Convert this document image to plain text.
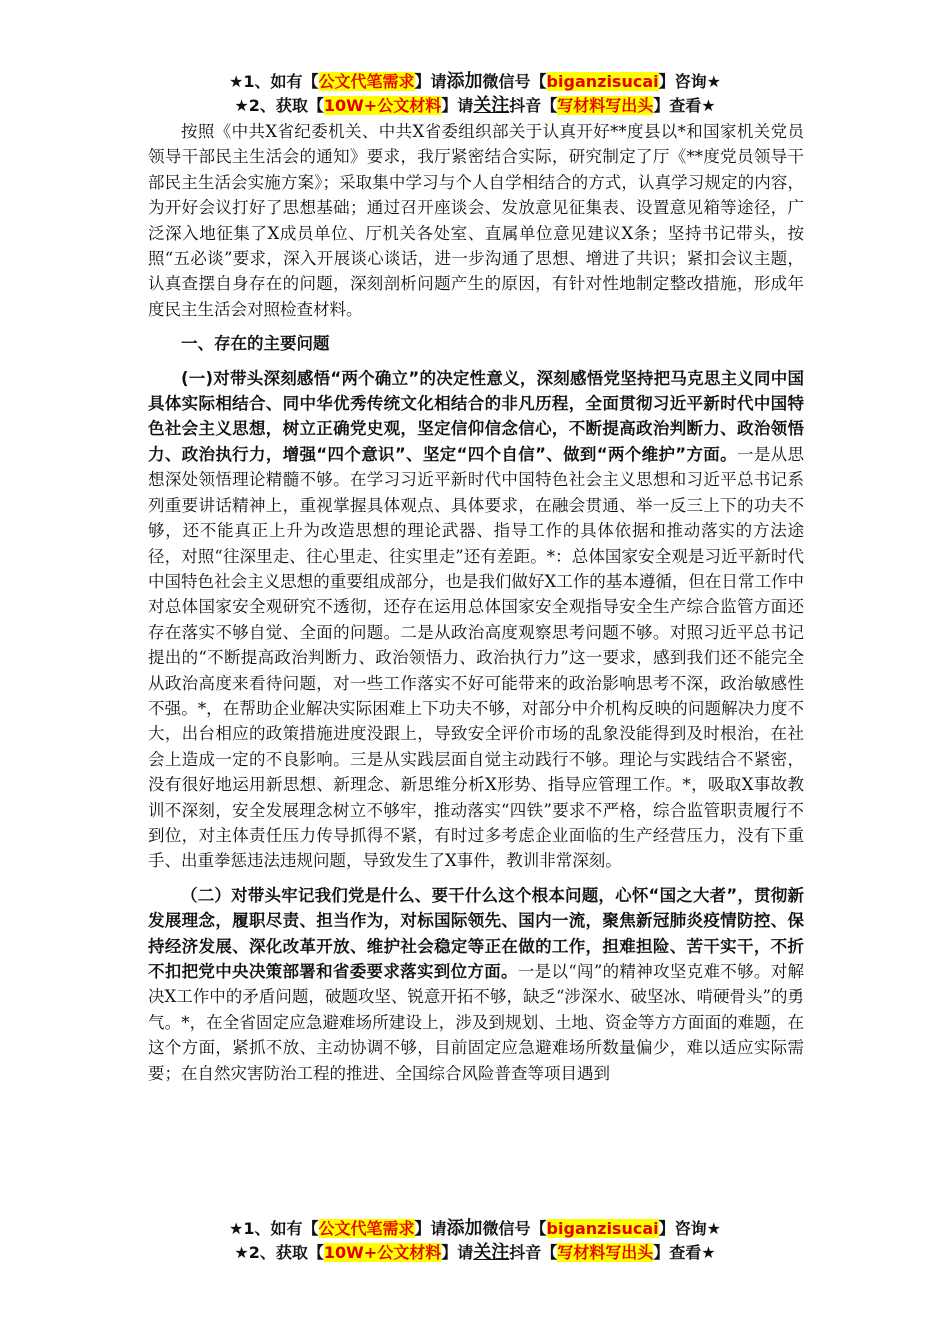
★1、如有【公文代笔需求】请添加微信号【biganzisucai】咨询★
★2、获取【10W+公文材料】请关注抖音【写材料写出头】查看★

按照《中共X省纪委机关、中共X省委组织部关于认真开好**度县以*和国家机关党员领导干部民主生活会的通知》要求，我厅紧密结合实际，研究制定了厅《**度党员领导干部民主生活会实施方案》；采取集中学习与个人自学相结合的方式，认真学习规定的内容，为开好会议打好了思想基础；通过召开座谈会、发放意见征集表、设置意见箱等途径，广泛深入地征集了X成员单位、厅机关各处室、直属单位意见建议X条；坚持书记带头，按照“五必谈”要求，深入开展谈心谈话，进一步沟通了思想、增进了共识；紧扣会议主题，认真查摆自身存在的问题，深刻剖析问题产生的原因，有针对性地制定整改措施，形成年度民主生活会对照检查材料。

一、存在的主要问题

(一)对带头深刻感悟“两个确立”的决定性意义，深刻感悟党坚持把马克思主义同中国具体实际相结合、同中华优秀传统文化相结合的非凡历程，全面贯彻习近平新时代中国特色社会主义思想，树立正确党史观，坚定信仰信念信心，不断提高政治判断力、政治领悟力、政治执行力，增强“四个意识”、坚定“四个自信”、做到“两个维护”方面。一是从思想深处领悟理论精髓不够。在学习习近平新时代中国特色社会主义思想和习近平总书记系列重要讲话精神上，重视掌握具体观点、具体要求，在融会贯通、举一反三上下的功夫不够，还不能真正上升为改造思想的理论武器、指导工作的具体依据和推动落实的方法途径，对照“往深里走、往心里走、往实里走”还有差距。*：总体国家安全观是习近平新时代中国特色社会主义思想的重要组成部分，也是我们做好X工作的基本遵循，但在日常工作中对总体国家安全观研究不透彻，还存在运用总体国家安全观指导安全生产综合监管方面还存在落实不够自觉、全面的问题。二是从政治高度观察思考问题不够。对照习近平总书记提出的“不断提高政治判断力、政治领悟力、政治执行力”这一要求，感到我们还不能完全从政治高度来看待问题，对一些工作落实不好可能带来的政治影响思考不深，政治敏感性不强。*，在帮助企业解决实际困难上下功夫不够，对部分中介机构反映的问题解决力度不大，出台相应的政策措施进度没跟上，导致安全评价市场的乱象没能得到及时根治，在社会上造成一定的不良影响。三是从实践层面自觉主动践行不够。理论与实践结合不紧密，没有很好地运用新思想、新理念、新思维分析X形势、指导应管理工作。*，吸取X事故教训不深刻，安全发展理念树立不够牢，推动落实“四铁”要求不严格，综合监管职责履行不到位，对主体责任压力传导抓得不紧，有时过多考虑企业面临的生产经营压力，没有下重手、出重拳惩违法违规问题，导致发生了X事件，教训非常深刻。

（二）对带头牢记我们党是什么、要干什么这个根本问题，心怀“国之大者”，贯彻新发展理念，履职尽责、担当作为，对标国际领先、国内一流，聚焦新冠肺炎疫情防控、保持经济发展、深化改革开放、维护社会稳定等正在做的工作，担难担险、苦干实干，不折不扣把党中央决策部署和省委要求落实到位方面。一是以“闯”的精神攻坚克难不够。对解决X工作中的矛盾问题，破题攻坚、锐意开拓不够，缺乏“涉深水、破坚冰、啃硬骨头”的勇气。*，在全省固定应急避难场所建设上，涉及到规划、土地、资金等方方面面的难题，在这个方面，紧抓不放、主动协调不够，目前固定应急避难场所数量偏少，难以适应实际需要；在自然灾害防治工程的推进、全国综合风险普查等项目遇到

★1、如有【公文代笔需求】请添加微信号【biganzisucai】咨询★
★2、获取【10W+公文材料】请关注抖音【写材料写出头】查看★
